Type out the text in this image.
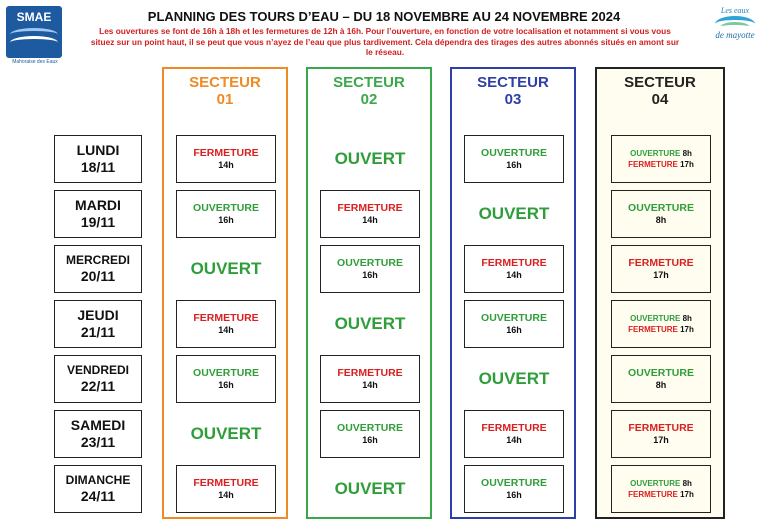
SMAE
Mahoraise des Eaux
Les eaux
de mayotte
PLANNING DES TOURS D’EAU – DU 18 NOVEMBRE AU 24 NOVEMBRE 2024
Les ouvertures se font de 16h à 18h et les fermetures de 12h à 16h. Pour l’ouverture, en fonction de votre localisation et notamment si vous vous situez sur un point haut, il se peut que vous n’ayez de l’eau que plus tardivement. Cela dépendra des tirages des autres abonnés situés en amont sur le réseau.
LUNDI
18/11
MARDI
19/11
MERCREDI
20/11
JEUDI
21/11
VENDREDI
22/11
SAMEDI
23/11
DIMANCHE
24/11
SECTEUR
01
FERMETURE
14h
OUVERTURE
16h
OUVERT
FERMETURE
14h
OUVERTURE
16h
OUVERT
FERMETURE
14h
SECTEUR
02
OUVERT
FERMETURE
14h
OUVERTURE
16h
OUVERT
FERMETURE
14h
OUVERTURE
16h
OUVERT
SECTEUR
03
OUVERTURE
16h
OUVERT
FERMETURE
14h
OUVERTURE
16h
OUVERT
FERMETURE
14h
OUVERTURE
16h
SECTEUR
04
OUVERTURE 8h
FERMETURE 17h
OUVERTURE
8h
FERMETURE
17h
OUVERTURE 8h
FERMETURE 17h
OUVERTURE
8h
FERMETURE
17h
OUVERTURE 8h
FERMETURE 17h
